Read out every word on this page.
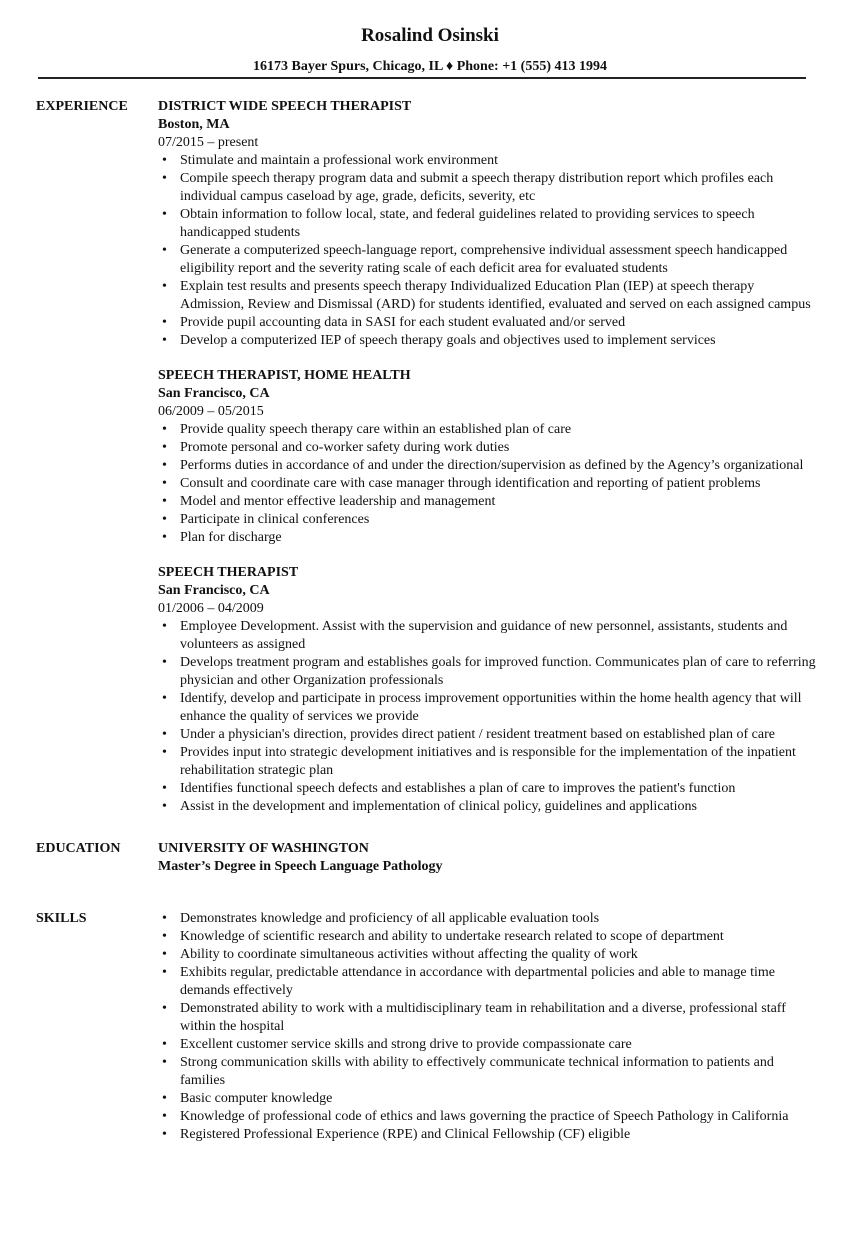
Rosalind Osinski
16173 Bayer Spurs, Chicago, IL ♦ Phone: +1 (555) 413 1994
EXPERIENCE DISTRICT WIDE SPEECH THERAPIST
Boston, MA
07/2015 – present
• Stimulate and maintain a professional work environment
• Compile speech therapy program data and submit a speech therapy distribution report which profiles each individual campus caseload by age, grade, deficits, severity, etc
• Obtain information to follow local, state, and federal guidelines related to providing services to speech handicapped students
• Generate a computerized speech-language report, comprehensive individual assessment speech handicapped eligibility report and the severity rating scale of each deficit area for evaluated students
• Explain test results and presents speech therapy Individualized Education Plan (IEP) at speech therapy Admission, Review and Dismissal (ARD) for students identified, evaluated and served on each assigned campus
• Provide pupil accounting data in SASI for each student evaluated and/or served
• Develop a computerized IEP of speech therapy goals and objectives used to implement services
SPEECH THERAPIST, HOME HEALTH
San Francisco, CA
06/2009 – 05/2015
• Provide quality speech therapy care within an established plan of care
• Promote personal and co-worker safety during work duties
• Performs duties in accordance of and under the direction/supervision as defined by the Agency’s organizational
• Consult and coordinate care with case manager through identification and reporting of patient problems
• Model and mentor effective leadership and management
• Participate in clinical conferences
• Plan for discharge
SPEECH THERAPIST
San Francisco, CA
01/2006 – 04/2009
• Employee Development. Assist with the supervision and guidance of new personnel, assistants, students and volunteers as assigned
• Develops treatment program and establishes goals for improved function. Communicates plan of care to referring physician and other Organization professionals
• Identify, develop and participate in process improvement opportunities within the home health agency that will enhance the quality of services we provide
• Under a physician's direction, provides direct patient / resident treatment based on established plan of care
• Provides input into strategic development initiatives and is responsible for the implementation of the inpatient rehabilitation strategic plan
• Identifies functional speech defects and establishes a plan of care to improves the patient's function
• Assist in the development and implementation of clinical policy, guidelines and applications
EDUCATION	UNIVERSITY OF WASHINGTON
Master’s Degree in Speech Language Pathology
SKILLS	• Demonstrates knowledge and proficiency of all applicable evaluation tools
• Knowledge of scientific research and ability to undertake research related to scope of department
• Ability to coordinate simultaneous activities without affecting the quality of work
• Exhibits regular, predictable attendance in accordance with departmental policies and able to manage time demands effectively
• Demonstrated ability to work with a multidisciplinary team in rehabilitation and a diverse, professional staff within the hospital
• Excellent customer service skills and strong drive to provide compassionate care
• Strong communication skills with ability to effectively communicate technical information to patients and families
• Basic computer knowledge
• Knowledge of professional code of ethics and laws governing the practice of Speech Pathology in California
• Registered Professional Experience (RPE) and Clinical Fellowship (CF) eligible
